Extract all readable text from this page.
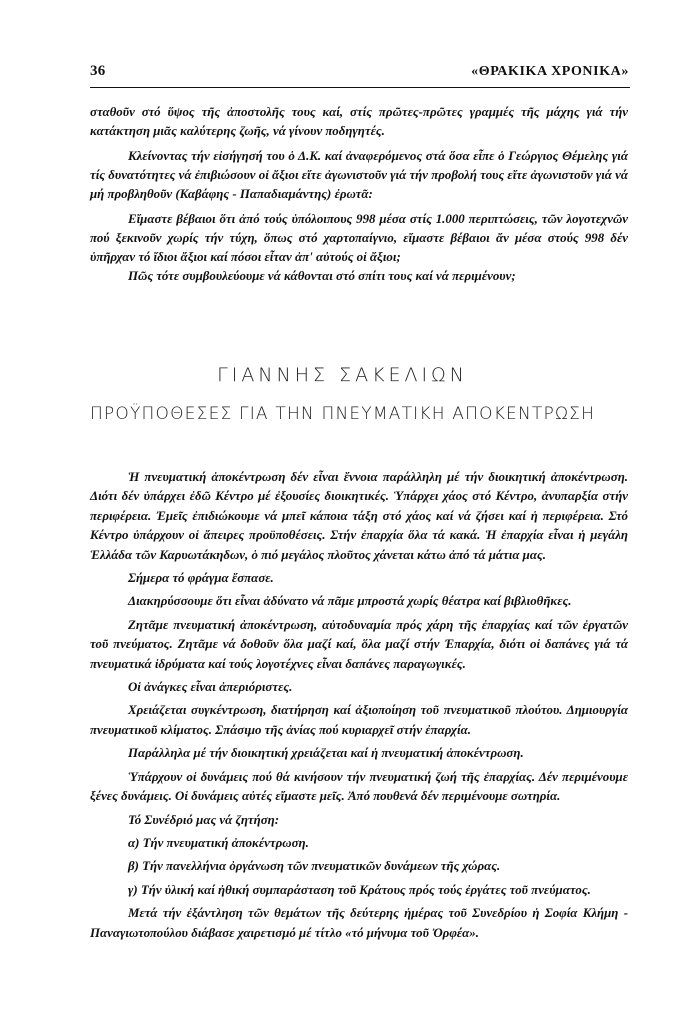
36	«ΘΡΑΚΙΚΑ ΧΡΟΝΙΚΑ»

σταθοῦν στό ὕψος τῆς ἀποστολῆς τους καί, στίς πρῶτες-πρῶτες γραμμές τῆς μάχης γιά τήν κατάκτηση μιᾶς καλύτερης ζωῆς, νά γίνουν ποδηγητές.

Κλείνοντας τήν εἰσήγησή του ὁ Δ.Κ. καί ἀναφερόμενος στά ὅσα εἶπε ὁ Γεώργιος Θέμελης γιά τίς δυνατότητες νά ἐπιβιώσουν οἱ ἄξιοι εἴτε ἀγωνιστοῦν γιά τήν προβολή τους εἴτε ἀγωνιστοῦν γιά νά μή προβληθοῦν (Καβάφης - Παπαδιαμάντης) ἐρωτᾶ:

Εἴμαστε βέβαιοι ὅτι ἀπό τούς ὑπόλοιπους 998 μέσα στίς 1.000 περιπτώσεις, τῶν λογοτεχνῶν πού ξεκινοῦν χωρίς τήν τύχη, ὅπως στό χαρτοπαίγνιο, εἴμαστε βέβαιοι ἄν μέσα στούς 998 δέν ὑπῆρχαν τό ἴδιοι ἄξιοι καί πόσοι εἶταν ἀπ' αὐτούς οἱ ἄξιοι;

Πῶς τότε συμβουλεύουμε νά κάθονται στό σπίτι τους καί νά περιμένουν;

ΓΙΑΝΝΗΣ ΣΑΚΕΛΙΩΝ
ΠΡΟΫΠΟΘΕΣΕΣ ΓΙΑ ΤΗΝ ΠΝΕΥΜΑΤΙΚΗ ΑΠΟΚΕΝΤΡΩΣΗ

Ἡ πνευματική ἀποκέντρωση δέν εἶναι ἔννοια παράλληλη μέ τήν διοικητική ἀποκέντρωση. Διότι δέν ὑπάρχει ἐδῶ Κέντρο μέ ἐξουσίες διοικητικές. Ὑπάρχει χάος στό Κέντρο, ἀνυπαρξία στήν περιφέρεια. Ἐμεῖς ἐπιδιώκουμε νά μπεῖ κάποια τάξη στό χάος καί νά ζήσει καί ἡ περιφέρεια. Στό Κέντρο ὑπάρχουν οἱ ἄπειρες προϋποθέσεις. Στήν ἐπαρχία ὅλα τά κακά. Ἡ ἐπαρχία εἶναι ἡ μεγάλη Ἑλλάδα τῶν Καρυωτάκηδων, ὁ πιό μεγάλος πλοῦτος χάνεται κάτω ἀπό τά μάτια μας.

Σήμερα τό φράγμα ἔσπασε.

Διακηρύσσουμε ὅτι εἶναι ἀδύνατο νά πᾶμε μπροστά χωρίς θέατρα καί βιβλιοθῆκες.

Ζητᾶμε πνευματική ἀποκέντρωση, αὐτοδυναμία πρός χάρη τῆς ἐπαρχίας καί τῶν ἐργατῶν τοῦ πνεύματος. Ζητᾶμε νά δοθοῦν ὅλα μαζί καί, ὅλα μαζί στήν Ἐπαρχία, διότι οἱ δαπάνες γιά τά πνευματικά ἱδρύματα καί τούς λογοτέχνες εἶναι δαπάνες παραγωγικές.

Οἱ ἀνάγκες εἶναι ἀπεριόριστες.

Χρειάζεται συγκέντρωση, διατήρηση καί ἀξιοποίηση τοῦ πνευματικοῦ πλούτου. Δημιουργία πνευματικοῦ κλίματος. Σπάσιμο τῆς ἀνίας πού κυριαρχεῖ στήν ἐπαρχία.

Παράλληλα μέ τήν διοικητική χρειάζεται καί ἡ πνευματική ἀποκέντρωση.

Ὑπάρχουν οἱ δυνάμεις πού θά κινήσουν τήν πνευματική ζωή τῆς ἐπαρχίας. Δέν περιμένουμε ξένες δυνάμεις. Οἱ δυνάμεις αὐτές εἴμαστε μεῖς. Ἀπό πουθενά δέν περιμένουμε σωτηρία.

Τό Συνέδριό μας νά ζητήση:

α) Τήν πνευματική ἀποκέντρωση.

β) Τήν πανελλήνια ὀργάνωση τῶν πνευματικῶν δυνάμεων τῆς χώρας.

γ) Τήν ὑλική καί ἠθική συμπαράσταση τοῦ Κράτους πρός τούς ἐργάτες τοῦ πνεύματος.

Μετά τήν ἐξάντληση τῶν θεμάτων τῆς δεύτερης ἡμέρας τοῦ Συνεδρίου ἡ Σοφία Κλήμη - Παναγιωτοπούλου διάβασε χαιρετισμό μέ τίτλο «τό μήνυμα τοῦ Ὀρφέα».
